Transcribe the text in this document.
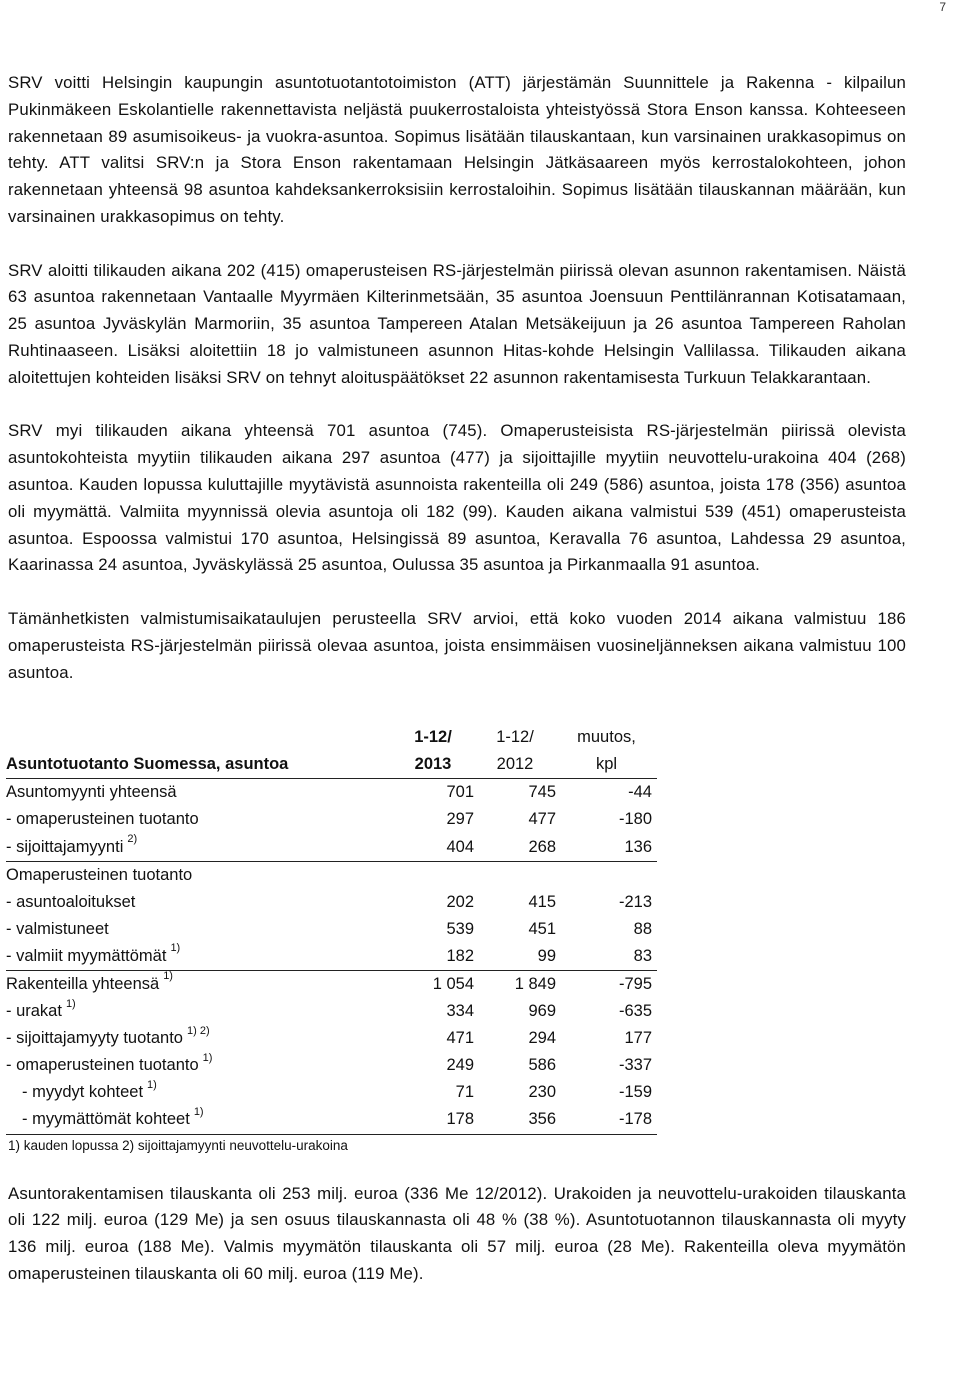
7

SRV voitti Helsingin kaupungin asuntotuotantotoimiston (ATT) järjestämän Suunnittele ja Rakenna - kilpailun Pukinmäkeen Eskolantielle rakennettavista neljästä puukerrostaloista yhteistyössä Stora Enson kanssa. Kohteeseen rakennetaan 89 asumisoikeus- ja vuokra-asuntoa. Sopimus lisätään tilauskantaan, kun varsinainen urakkasopimus on tehty. ATT valitsi SRV:n ja Stora Enson rakentamaan Helsingin Jätkäsaareen myös kerrostalokohteen, johon rakennetaan yhteensä 98 asuntoa kahdeksankerroksisiin kerrostaloihin. Sopimus lisätään tilauskannan määrään, kun varsinainen urakkasopimus on tehty.

SRV aloitti tilikauden aikana 202 (415) omaperusteisen RS-järjestelmän piirissä olevan asunnon rakentamisen. Näistä 63 asuntoa rakennetaan Vantaalle Myyrmäen Kilterinmetsään, 35 asuntoa Joensuun Penttilänrannan Kotisatamaan, 25 asuntoa Jyväskylän Marmoriin, 35 asuntoa Tampereen Atalan Metsäkeijuun ja 26 asuntoa Tampereen Raholan Ruhtinaaseen. Lisäksi aloitettiin 18 jo valmistuneen asunnon Hitas-kohde Helsingin Vallilassa. Tilikauden aikana aloitettujen kohteiden lisäksi SRV on tehnyt aloituspäätökset 22 asunnon rakentamisesta Turkuun Telakkarantaan.

SRV myi tilikauden aikana yhteensä 701 asuntoa (745). Omaperusteisista RS-järjestelmän piirissä olevista asuntokohteista myytiin tilikauden aikana 297 asuntoa (477) ja sijoittajille myytiin neuvottelu-urakoina 404 (268) asuntoa. Kauden lopussa kuluttajille myytävistä asunnoista rakenteilla oli 249 (586) asuntoa, joista 178 (356) asuntoa oli myymättä. Valmiita myynnissä olevia asuntoja oli 182 (99). Kauden aikana valmistui 539 (451) omaperusteista asuntoa. Espoossa valmistui 170 asuntoa, Helsingissä 89 asuntoa, Keravalla 76 asuntoa, Lahdessa 29 asuntoa, Kaarinassa 24 asuntoa, Jyväskylässä 25 asuntoa, Oulussa 35 asuntoa ja Pirkanmaalla 91 asuntoa.

Tämänhetkisten valmistumisaikataulujen perusteella SRV arvioi, että koko vuoden 2014 aikana valmistuu 186 omaperusteista RS-järjestelmän piirissä olevaa asuntoa, joista ensimmäisen vuosineljänneksen aikana valmistuu 100 asuntoa.

	1-12/	1-12/	muutos,
Asuntotuotanto Suomessa, asuntoa	2013	2012	kpl
Asuntomyynti yhteensä	701	745	-44
- omaperusteinen tuotanto	297	477	-180
- sijoittajamyynti $^{2)}$	404	268	136
Omaperusteinen tuotanto			
- asuntoaloitukset	202	415	-213
- valmistuneet	539	451	88
- valmiit myymättömät $^{1)}$	182	99	83
Rakenteilla yhteensä $^{1)}$	1 054	1 849	-795
- urakat $^{1)}$	334	969	-635
- sijoittajamyyty tuotanto $^{1) 2)}$	471	294	177
- omaperusteinen tuotanto $^{1)}$	249	586	-337
- myydyt kohteet $^{1)}$	71	230	-159
- myymättömät kohteet $^{1)}$	178	356	-178
1) kauden lopussa 2) sijoittajamyynti neuvottelu-urakoina

Asuntorakentamisen tilauskanta oli 253 milj. euroa (336 Me 12/2012). Urakoiden ja neuvottelu-urakoiden tilauskanta oli 122 milj. euroa (129 Me) ja sen osuus tilauskannasta oli 48 % (38 %). Asuntotuotannon tilauskannasta oli myyty 136 milj. euroa (188 Me). Valmis myymätön tilauskanta oli 57 milj. euroa (28 Me). Rakenteilla oleva myymätön omaperusteinen tilauskanta oli 60 milj. euroa (119 Me).
